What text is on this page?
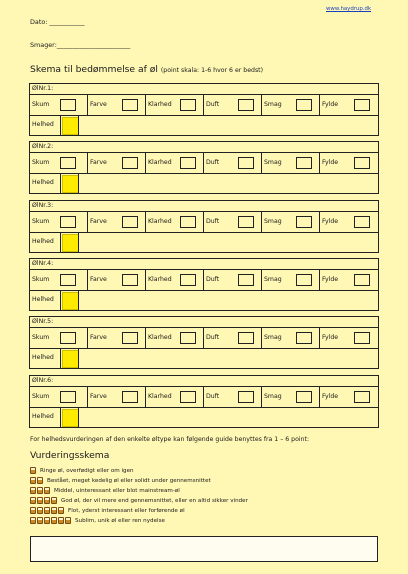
www.haydrup.dk
Dato: ___________
Smager:_______________________
Skema til bedømmelse af øl (point skala: 1-6 hvor 6 er bedst)
ØlNr.1:
Skum	Farve	Klarhed	Duft	Smag	Fylde
Helhed
ØlNr.2:
Skum	Farve	Klarhed	Duft	Smag	Fylde
Helhed
ØlNr.3:
Skum	Farve	Klarhed	Duft	Smag	Fylde
Helhed
ØlNr.4:
Skum	Farve	Klarhed	Duft	Smag	Fylde
Helhed
ØlNr.5:
Skum	Farve	Klarhed	Duft	Smag	Fylde
Helhed
ØlNr.6:
Skum	Farve	Klarhed	Duft	Smag	Fylde
Helhed
For helhedsvurderingen af den enkelte øltype kan følgende guide benyttes fra 1 – 6 point:
Vurderingsskema
Ringe øl, overfødigt eller om igen
Bestået, meget kedelig øl eller solidt under gennemsnittet
Middel, uinteressant eller blot mainstream-øl
God øl, der vil mere end gennemsnittet, eller en altid sikker vinder
Flot, yderst interessant eller forførende øl
Sublim, unik øl eller ren nydelse
